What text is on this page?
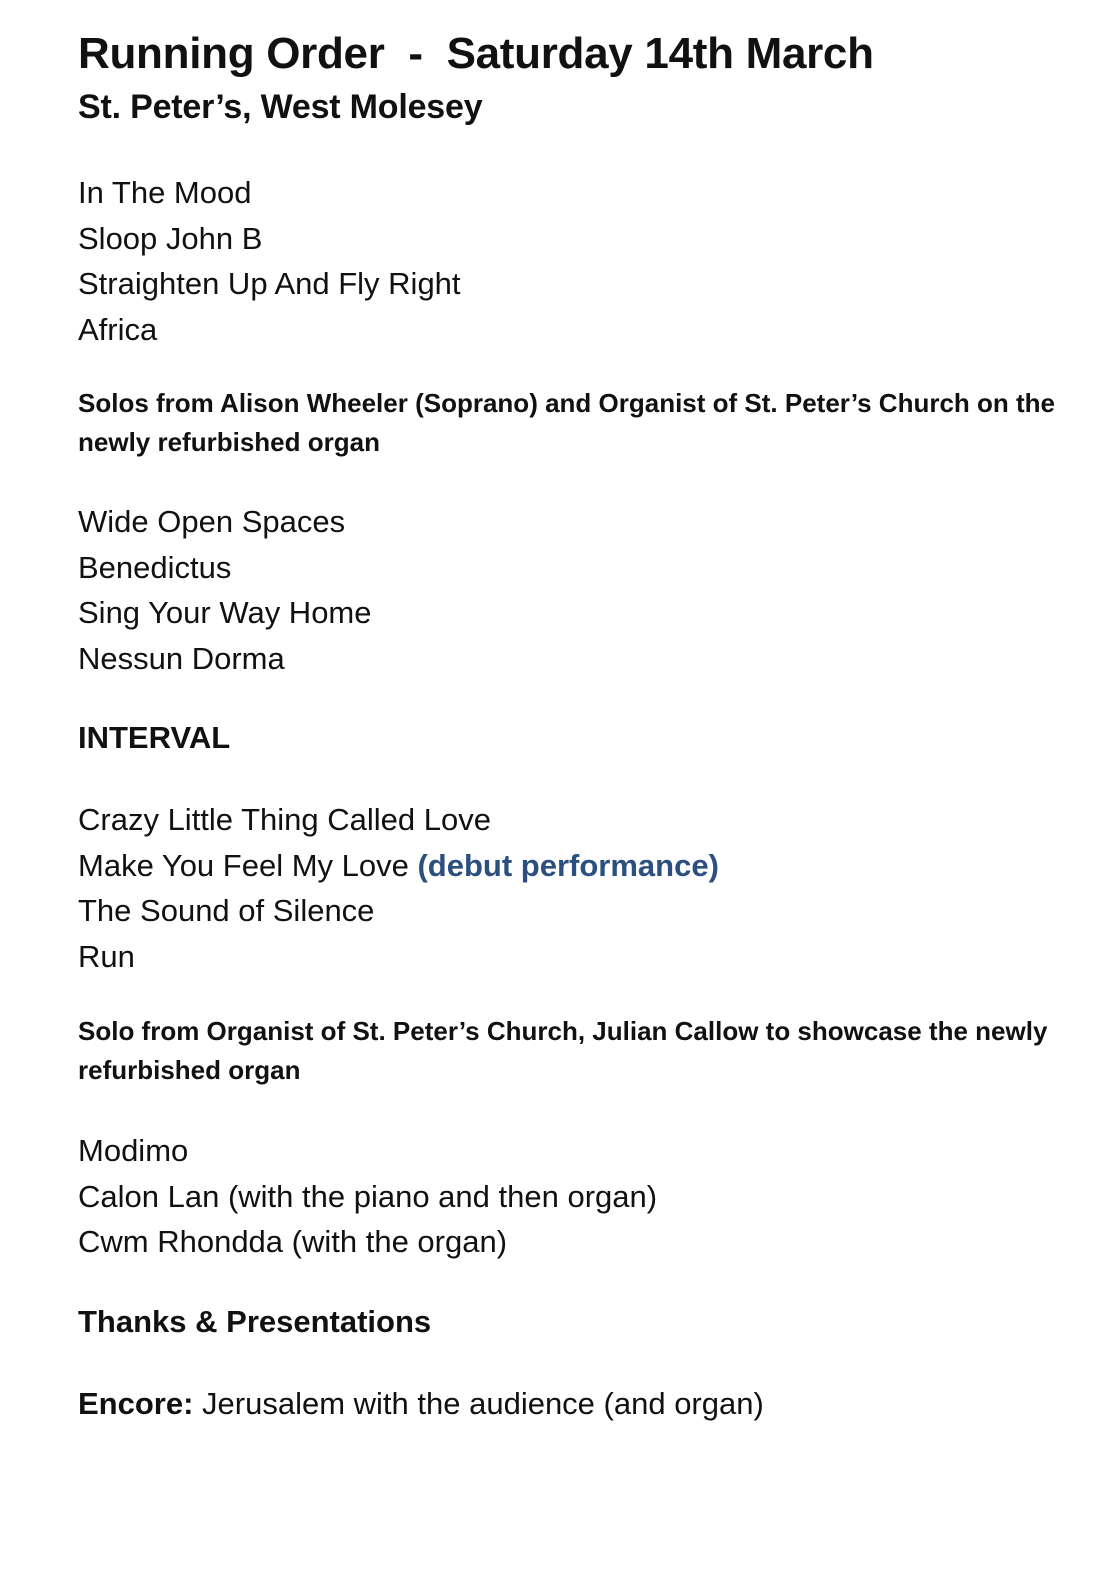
Running Order  -  Saturday 14th March
St. Peter’s, West Molesey
In The Mood
Sloop John B
Straighten Up And Fly Right
Africa

Solos from Alison Wheeler (Soprano) and Organist of St. Peter’s Church on the newly refurbished organ

Wide Open Spaces
Benedictus
Sing Your Way Home
Nessun Dorma

INTERVAL

Crazy Little Thing Called Love
Make You Feel My Love (debut performance)
The Sound of Silence
Run

Solo from Organist of St. Peter’s Church, Julian Callow to showcase the newly refurbished organ

Modimo
Calon Lan (with the piano and then organ)
Cwm Rhondda (with the organ)

Thanks & Presentations

Encore: Jerusalem with the audience (and organ)
